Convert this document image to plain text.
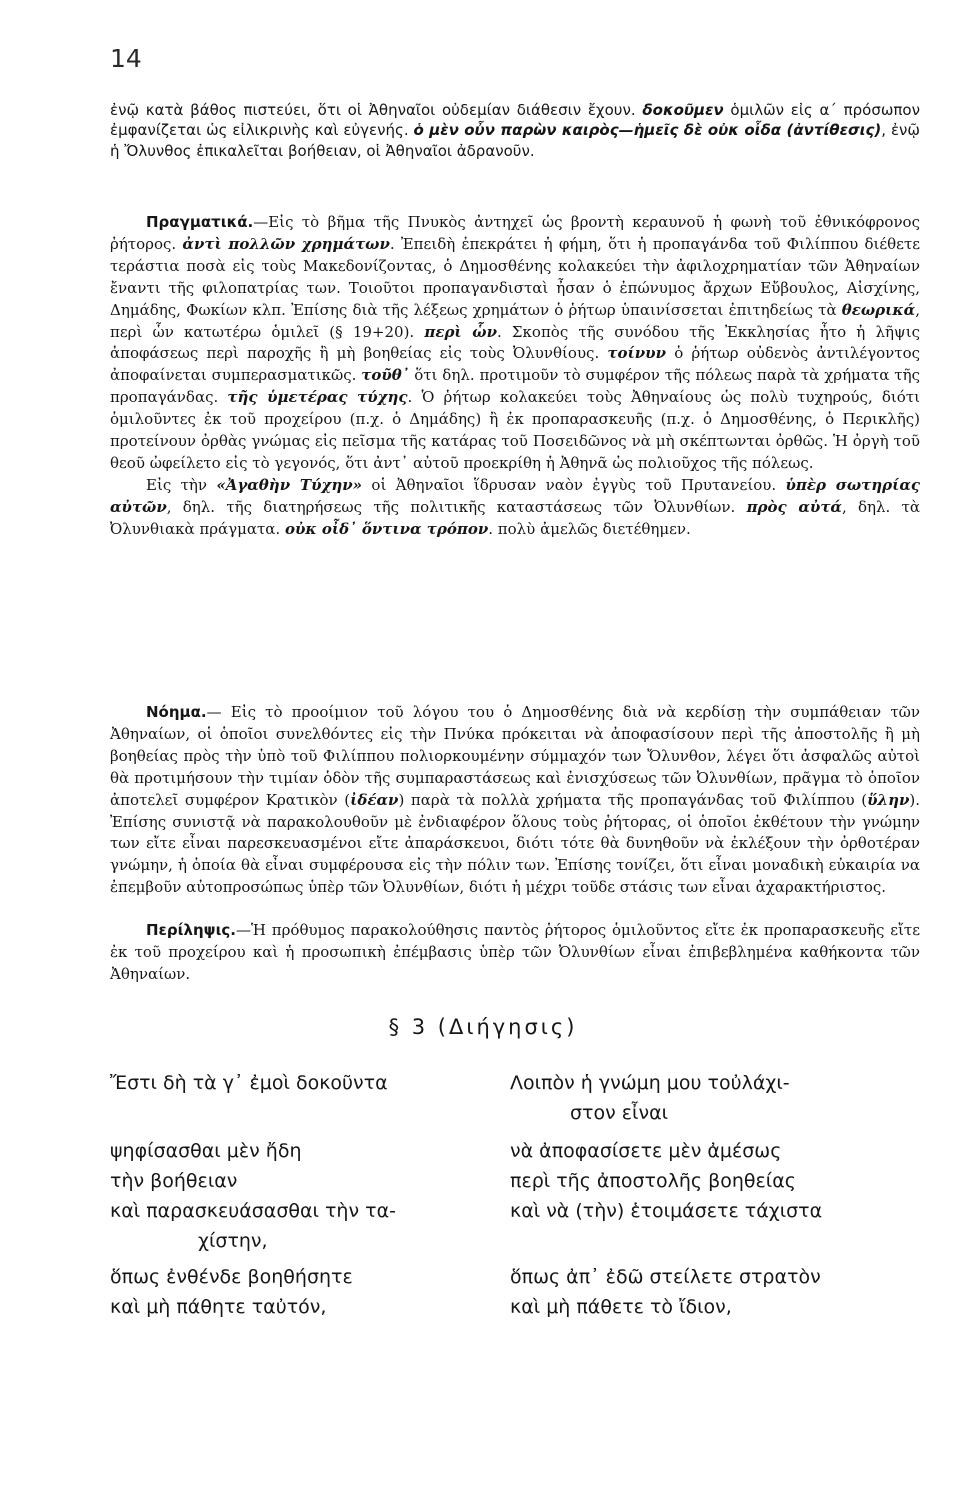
14

ἐνῷ κατὰ βάθος πιστεύει, ὅτι οἱ Ἀθηναῖοι οὐδεμίαν διάθεσιν ἔχουν. δοκοῦμεν ὁμιλῶν εἰς α΄ πρόσωπον ἐμφανίζεται ὡς εἰλικρινὴς καὶ εὐγενής. ὁ μὲν οὖν παρὼν καιρὸς—ἡμεῖς δὲ οὐκ οἶδα (ἀντίθεσις), ἐνῷ ἡ Ὄλυνθος ἐπικαλεῖται βοήθειαν, οἱ Ἀθηναῖοι ἀδρανοῦν.

Πραγματικά.—Εἰς τὸ βῆμα τῆς Πνυκὸς ἀντηχεῖ ὡς βροντὴ κεραυνοῦ ἡ φωνὴ τοῦ ἐθνικόφρονος ῥήτορος. ἀντὶ πολλῶν χρημάτων. Ἐπειδὴ ἐπεκράτει ἡ φήμη, ὅτι ἡ προπαγάνδα τοῦ Φιλίππου διέθετε τεράστια ποσὰ εἰς τοὺς Μακεδονίζοντας, ὁ Δημοσθένης κολακεύει τὴν ἀφιλοχρηματίαν τῶν Ἀθηναίων ἔναντι τῆς φιλοπατρίας των. Τοιοῦτοι προπαγανδισταὶ ἦσαν ὁ ἐπώνυμος ἄρχων Εὔβουλος, Αἰσχίνης, Δημάδης, Φωκίων κλπ. Ἐπίσης διὰ τῆς λέξεως χρημάτων ὁ ῥήτωρ ὑπαινίσσεται ἐπιτηδείως τὰ θεωρικά, περὶ ὧν κατωτέρω ὁμιλεῖ (§ 19+20). περὶ ὧν. Σκοπὸς τῆς συνόδου τῆς Ἐκκλησίας ἦτο ἡ λῆψις ἀποφάσεως περὶ παροχῆς ἢ μὴ βοηθείας εἰς τοὺς Ὀλυνθίους. τοίνυν ὁ ῥήτωρ οὐδενὸς ἀντιλέγοντος ἀποφαίνεται συμπερασματικῶς. τοῦθ᾿ ὅτι δηλ. προτιμοῦν τὸ συμφέρον τῆς πόλεως παρὰ τὰ χρήματα τῆς προπαγάνδας. τῆς ὑμετέρας τύχης. Ὁ ῥήτωρ κολακεύει τοὺς Ἀθηναίους ὡς πολὺ τυχηρούς, διότι ὁμιλοῦντες ἐκ τοῦ προχείρου (π.χ. ὁ Δημάδης) ἢ ἐκ προπαρασκευῆς (π.χ. ὁ Δημοσθένης, ὁ Περικλῆς) προτείνουν ὀρθὰς γνώμας εἰς πεῖσμα τῆς κατάρας τοῦ Ποσειδῶνος νὰ μὴ σκέπτωνται ὀρθῶς. Ἡ ὀργὴ τοῦ θεοῦ ὠφείλετο εἰς τὸ γεγονός, ὅτι ἀντ᾿ αὐτοῦ προεκρίθη ἡ Ἀθηνᾶ ὡς πολιοῦχος τῆς πόλεως.

Εἰς τὴν «Ἀγαθὴν Τύχην» οἱ Ἀθηναῖοι ἵδρυσαν ναὸν ἐγγὺς τοῦ Πρυτανείου. ὑπὲρ σωτηρίας αὐτῶν, δηλ. τῆς διατηρήσεως τῆς πολιτικῆς καταστάσεως τῶν Ὀλυνθίων. πρὸς αὐτά, δηλ. τὰ Ὀλυνθιακὰ πράγματα. οὐκ οἶδ᾿ ὅντινα τρόπον. πολὺ ἀμελῶς διετέθημεν.

Νόημα.— Εἰς τὸ προοίμιον τοῦ λόγου του ὁ Δημοσθένης διὰ νὰ κερδίσῃ τὴν συμπάθειαν τῶν Ἀθηναίων, οἱ ὁποῖοι συνελθόντες εἰς τὴν Πνύκα πρόκειται νὰ ἀποφασίσουν περὶ τῆς ἀποστολῆς ἢ μὴ βοηθείας πρὸς τὴν ὑπὸ τοῦ Φιλίππου πολιορκουμένην σύμμαχόν των Ὄλυνθον, λέγει ὅτι ἀσφαλῶς αὐτοὶ θὰ προτιμήσουν τὴν τιμίαν ὁδὸν τῆς συμπαραστάσεως καὶ ἐνισχύσεως τῶν Ὀλυνθίων, πρᾶγμα τὸ ὁποῖον ἀποτελεῖ συμφέρον Κρατικὸν (ἰδέαν) παρὰ τὰ πολλὰ χρήματα τῆς προπαγάνδας τοῦ Φιλίππου (ὕλην). Ἐπίσης συνιστᾷ νὰ παρακολουθοῦν μὲ ἐνδιαφέρον ὅλους τοὺς ῥήτορας, οἱ ὁποῖοι ἐκθέτουν τὴν γνώμην των εἴτε εἶναι παρεσκευασμένοι εἴτε ἀπαράσκευοι, διότι τότε θὰ δυνηθοῦν νὰ ἐκλέξουν τὴν ὀρθοτέραν γνώμην, ἡ ὁποία θὰ εἶναι συμφέρουσα εἰς τὴν πόλιν των. Ἐπίσης τονίζει, ὅτι εἶναι μοναδικὴ εὐκαιρία να ἐπεμβοῦν αὐτοπροσώπως ὑπὲρ τῶν Ὀλυνθίων, διότι ἡ μέχρι τοῦδε στάσις των εἶναι ἀχαρακτήριστος.

Περίληψις.—Ἡ πρόθυμος παρακολούθησις παντὸς ῥήτορος ὁμιλοῦντος εἴτε ἐκ προπαρασκευῆς εἴτε ἐκ τοῦ προχείρου καὶ ἡ προσωπικὴ ἐπέμβασις ὑπὲρ τῶν Ὀλυνθίων εἶναι ἐπιβεβλημένα καθήκοντα τῶν Ἀθηναίων.

§ 3 (Διήγησις)
Ἔστι δὴ τὰ γ᾿ ἐμοὶ δοκοῦντα	Λοιπὸν ἡ γνώμη μου τοὐλάχι-
στον εἶναι
ψηφίσασθαι μὲν ἤδη	νὰ ἀποφασίσετε μὲν ἀμέσως
τὴν βοήθειαν	περὶ τῆς ἀποστολῆς βοηθείας
καὶ παρασκευάσασθαι τὴν τα-	καὶ νὰ (τὴν) ἑτοιμάσετε τάχιστα
χίστην,
ὅπως ἐνθένδε βοηθήσητε	ὅπως ἀπ᾿ ἐδῶ στείλετε στρατὸν
καὶ μὴ πάθητε ταὐτόν,	καὶ μὴ πάθετε τὸ ἴδιον,
